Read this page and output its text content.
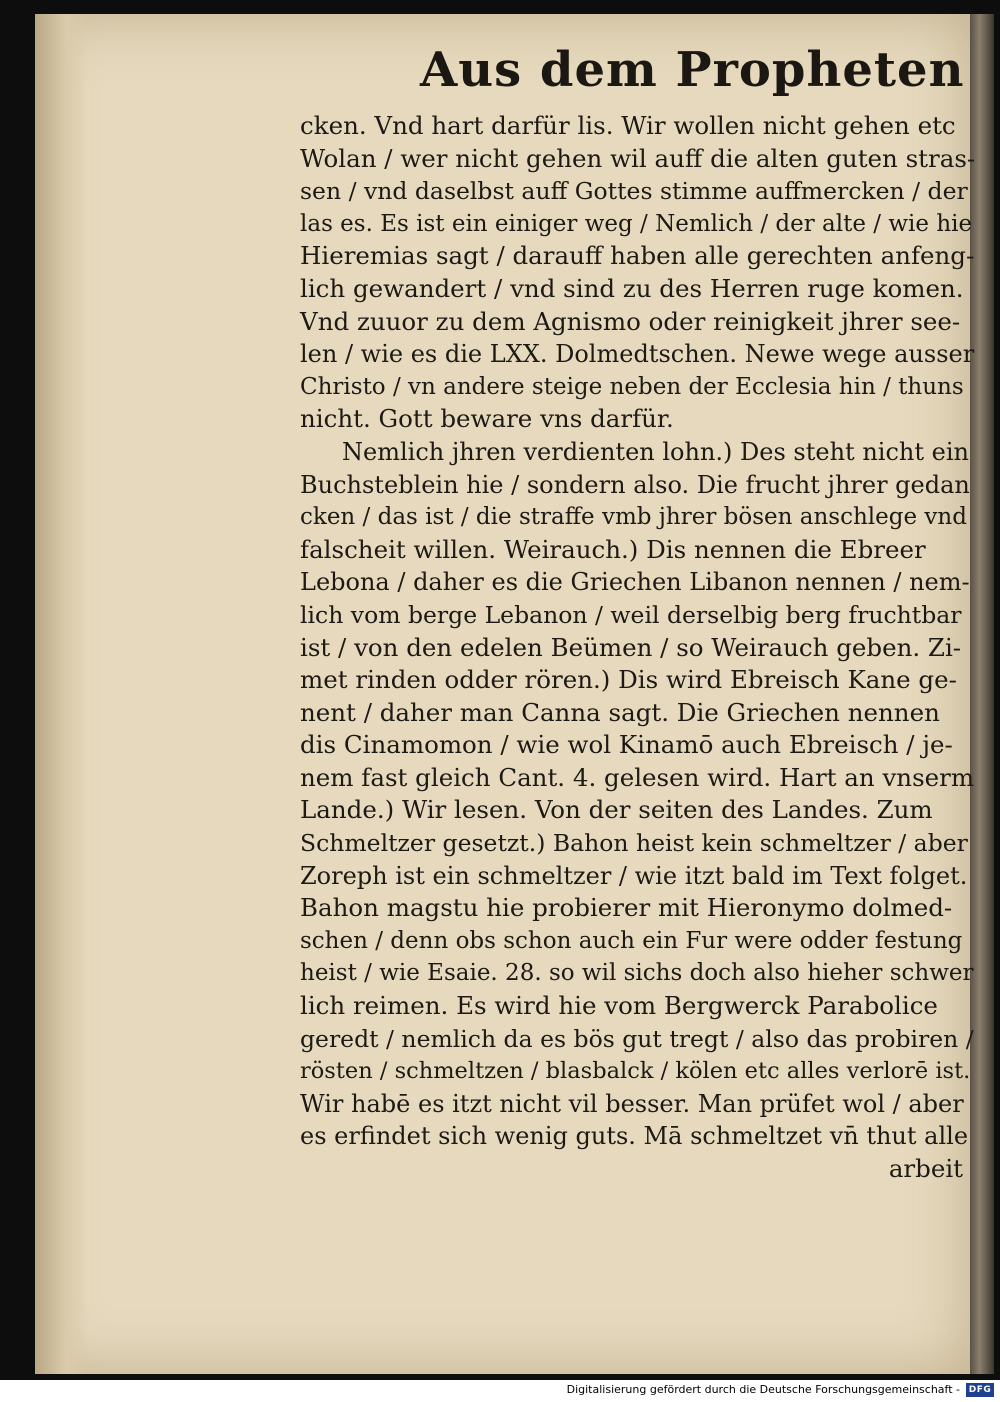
Aus dem Propheten
cken. Vnd hart darfür lis. Wir wollen nicht gehen etc
Wolan / wer nicht gehen wil auff die alten guten stras-
sen / vnd daselbst auff Gottes stimme auffmercken / der
las es. Es ist ein einiger weg / Nemlich / der alte / wie hie
Hieremias sagt / darauff haben alle gerechten anfeng-
lich gewandert / vnd sind zu des Herren ruge komen.
Vnd zuuor zu dem Agnismo oder reinigkeit jhrer see-
len / wie es die LXX. Dolmedtschen. Newe wege ausser
Christo / vn andere steige neben der Ecclesia hin / thuns
nicht. Gott beware vns darfür.
Nemlich jhren verdienten lohn.) Des steht nicht ein
Buchsteblein hie / sondern also. Die frucht jhrer gedan
cken / das ist / die straffe vmb jhrer bösen anschlege vnd
falscheit willen. Weirauch.) Dis nennen die Ebreer
Lebona / daher es die Griechen Libanon nennen / nem-
lich vom berge Lebanon / weil derselbig berg fruchtbar
ist / von den edelen Beümen / so Weirauch geben. Zi-
met rinden odder rören.) Dis wird Ebreisch Kane ge-
nent / daher man Canna sagt. Die Griechen nennen
dis Cinamomon / wie wol Kinamō auch Ebreisch / je-
nem fast gleich Cant. 4. gelesen wird. Hart an vnserm
Lande.) Wir lesen. Von der seiten des Landes. Zum
Schmeltzer gesetzt.) Bahon heist kein schmeltzer / aber
Zoreph ist ein schmeltzer / wie itzt bald im Text folget.
Bahon magstu hie probierer mit Hieronymo dolmed-
schen / denn obs schon auch ein Fur were odder festung
heist / wie Esaie. 28. so wil sichs doch also hieher schwer
lich reimen. Es wird hie vom Bergwerck Parabolice
geredt / nemlich da es bös gut tregt / also das probiren /
rösten / schmeltzen / blasbalck / kölen etc alles verlorē ist.
Wir habē es itzt nicht vil besser. Man prüfet wol / aber
es erfindet sich wenig guts. Mā schmeltzet vn̄ thut alle
arbeit
Digitalisierung gefördert durch die Deutsche Forschungsgemeinschaft - DFG
